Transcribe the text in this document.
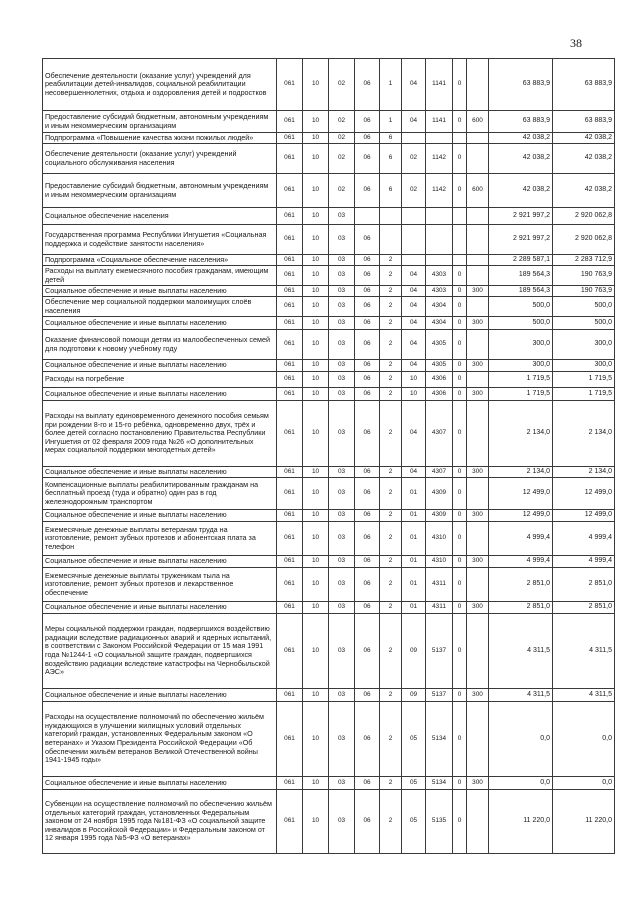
38
Обеспечение деятельности (оказание услуг) учреждений для реабилитации детей-инвалидов, социальной реабилитации несовершеннолетних, отдыха и оздоровления детей и подростков	061	10	02	06	1	04	1141	0		63 883,9	63 883,9
Предоставление субсидий бюджетным, автономным учреждениям и иным некоммерческим организациям	061	10	02	06	1	04	1141	0	600	63 883,9	63 883,9
Подпрограмма «Повышение качества жизни пожилых людей»	061	10	02	06	6					42 038,2	42 038,2
Обеспечение деятельности (оказание услуг) учреждений социального обслуживания населения	061	10	02	06	6	02	1142	0		42 038,2	42 038,2
Предоставление субсидий бюджетным, автономным учреждениям и иным некоммерческим организациям	061	10	02	06	6	02	1142	0	600	42 038,2	42 038,2
Социальное обеспечение населения	061	10	03							2 921 997,2	2 920 062,8
Государственная программа Республики Ингушетия «Социальная поддержка и содействие занятости населения»	061	10	03	06						2 921 997,2	2 920 062,8
Подпрограмма «Социальное обеспечение населения»	061	10	03	06	2					2 289 587,1	2 283 712,9
Расходы на выплату ежемесячного пособия гражданам, имеющим детей	061	10	03	06	2	04	4303	0		189 564,3	190 763,9
Социальное обеспечение и иные выплаты населению	061	10	03	06	2	04	4303	0	300	189 564,3	190 763,9
Обеспечение мер социальной поддержки малоимущих слоёв населения	061	10	03	06	2	04	4304	0		500,0	500,0
Социальное обеспечение и иные выплаты населению	061	10	03	06	2	04	4304	0	300	500,0	500,0
Оказание финансовой помощи детям из малообеспеченных семей для подготовки к новому учебному году	061	10	03	06	2	04	4305	0		300,0	300,0
Социальное обеспечение и иные выплаты населению	061	10	03	06	2	04	4305	0	300	300,0	300,0
Расходы на погребение	061	10	03	06	2	10	4306	0		1 719,5	1 719,5
Социальное обеспечение и иные выплаты населению	061	10	03	06	2	10	4306	0	300	1 719,5	1 719,5
Расходы на выплату единовременного денежного пособия семьям при рождении 8-го и 15-го ребёнка, одновременно двух, трёх и более детей согласно постановлению Правительства Республики Ингушетия от 02 февраля 2009 года №26 «О дополнительных мерах социальной поддержки многодетных детей»	061	10	03	06	2	04	4307	0		2 134,0	2 134,0
Социальное обеспечение и иные выплаты населению	061	10	03	06	2	04	4307	0	300	2 134,0	2 134,0
Компенсационные выплаты реабилитированным гражданам на бесплатный проезд (туда и обратно) один раз в год железнодорожным транспортом	061	10	03	06	2	01	4309	0		12 499,0	12 499,0
Социальное обеспечение и иные выплаты населению	061	10	03	06	2	01	4309	0	300	12 499,0	12 499,0
Ежемесячные денежные выплаты ветеранам труда на изготовление, ремонт зубных протезов и абонентская плата за телефон	061	10	03	06	2	01	4310	0		4 999,4	4 999,4
Социальное обеспечение и иные выплаты населению	061	10	03	06	2	01	4310	0	300	4 999,4	4 999,4
Ежемесячные денежные выплаты труженикам тыла на изготовление, ремонт зубных протезов и лекарственное обеспечение	061	10	03	06	2	01	4311	0		2 851,0	2 851,0
Социальное обеспечение и иные выплаты населению	061	10	03	06	2	01	4311	0	300	2 851,0	2 851,0
Меры социальной поддержки граждан, подвергшихся воздействию радиации вследствие радиационных аварий и ядерных испытаний, в соответствии с Законом Российской Федерации от 15 мая 1991 года №1244-1 «О социальной защите граждан, подвергшихся воздействию радиации вследствие катастрофы на Чернобыльской АЭС»	061	10	03	06	2	09	5137	0		4 311,5	4 311,5
Социальное обеспечение и иные выплаты населению	061	10	03	06	2	09	5137	0	300	4 311,5	4 311,5
Расходы на осуществление полномочий по обеспечению жильём нуждающихся в улучшении жилищных условий отдельных категорий граждан, установленных Федеральным законом «О ветеранах» и Указом Президента Российской Федерации «Об обеспечении жильём ветеранов Великой Отечественной войны 1941-1945 годы»	061	10	03	06	2	05	5134	0		0,0	0,0
Социальное обеспечение и иные выплаты населению	061	10	03	06	2	05	5134	0	300	0,0	0,0
Субвенции на осуществление полномочий по обеспечению жильём отдельных категорий граждан, установленных Федеральным законом от 24 ноября 1995 года №181-ФЗ «О социальной защите инвалидов в Российской Федерации» и Федеральным законом от 12 января 1995 года №5-ФЗ «О ветеранах»	061	10	03	06	2	05	5135	0		11 220,0	11 220,0
